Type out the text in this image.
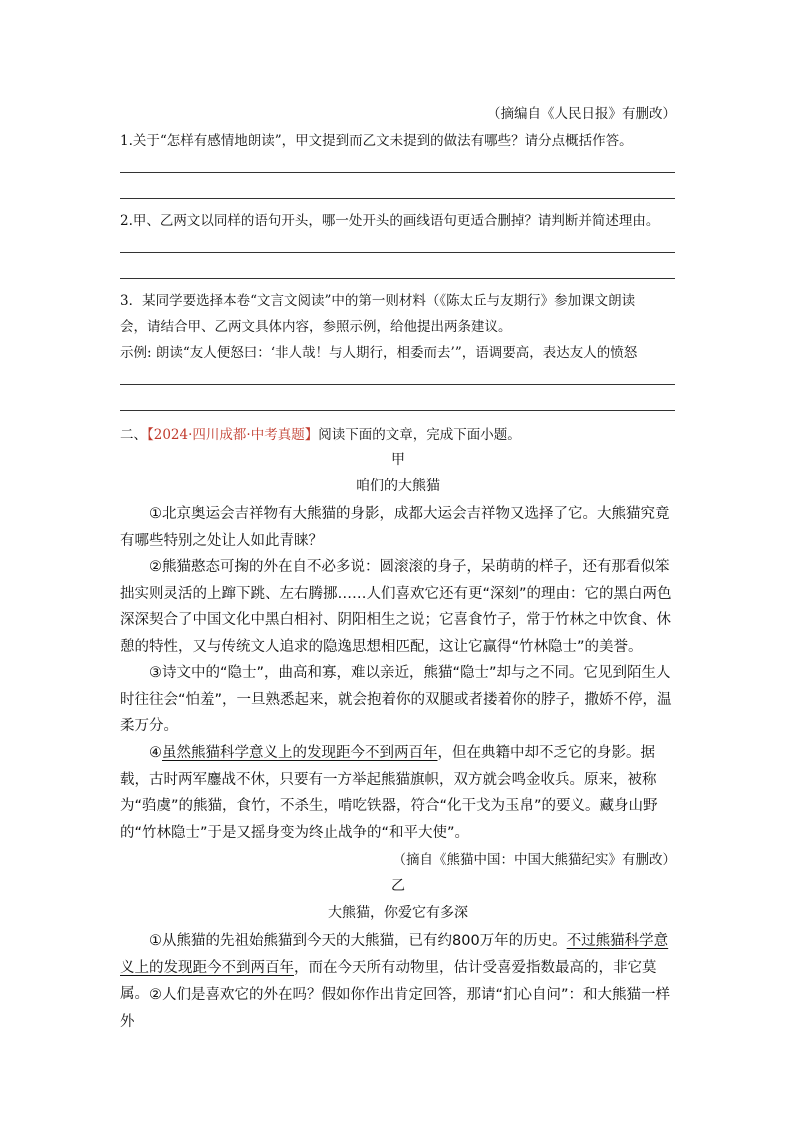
（摘编自《人民日报》有删改）
1.关于“怎样有感情地朗读”，甲文提到而乙文未提到的做法有哪些？请分点概括作答。
2.甲、乙两文以同样的语句开头，哪一处开头的画线语句更适合删掉？请判断并简述理由。
3．某同学要选择本卷“文言文阅读”中的第一则材料（《陈太丘与友期行》参加课文朗读
会，请结合甲、乙两文具体内容，参照示例，给他提出两条建议。
示例: 朗读“友人便怒曰：‘非人哉！与人期行，相委而去’”，语调要高，表达友人的愤怒
二、【2024·四川成都·中考真题】阅读下面的文章，完成下面小题。
甲
咱们的大熊猫
①北京奥运会吉祥物有大熊猫的身影，成都大运会吉祥物又选择了它。大熊猫究竟有哪些特别之处让人如此青睐？
②熊猫憨态可掬的外在自不必多说：圆滚滚的身子，呆萌萌的样子，还有那看似笨拙实则灵活的上蹿下跳、左右腾挪……人们喜欢它还有更“深刻”的理由：它的黑白两色深深契合了中国文化中黑白相衬、阴阳相生之说；它喜食竹子，常于竹林之中饮食、休憩的特性，又与传统文人追求的隐逸思想相匹配，这让它赢得“竹林隐士”的美誉。
③诗文中的“隐士”，曲高和寡，难以亲近，熊猫“隐士”却与之不同。它见到陌生人时往往会“怕羞”，一旦熟悉起来，就会抱着你的双腿或者搂着你的脖子，撒娇不停，温柔万分。
④虽然熊猫科学意义上的发现距今不到两百年，但在典籍中却不乏它的身影。据载，古时两军鏖战不休，只要有一方举起熊猫旗帜，双方就会鸣金收兵。原来，被称为“驺虞”的熊猫，食竹，不杀生，啃吃铁器，符合“化干戈为玉帛”的要义。藏身山野的“竹林隐士”于是又摇身变为终止战争的“和平大使”。
（摘自《熊猫中国：中国大熊猫纪实》有删改）
乙
大熊猫，你爱它有多深
①从熊猫的先祖始熊猫到今天的大熊猫，已有约800万年的历史。不过熊猫科学意义上的发现距今不到两百年，而在今天所有动物里，估计受喜爱指数最高的，非它莫属。 ②人们是喜欢它的外在吗？假如你作出肯定回答，那请“扪心自问”：和大熊猫一样外
